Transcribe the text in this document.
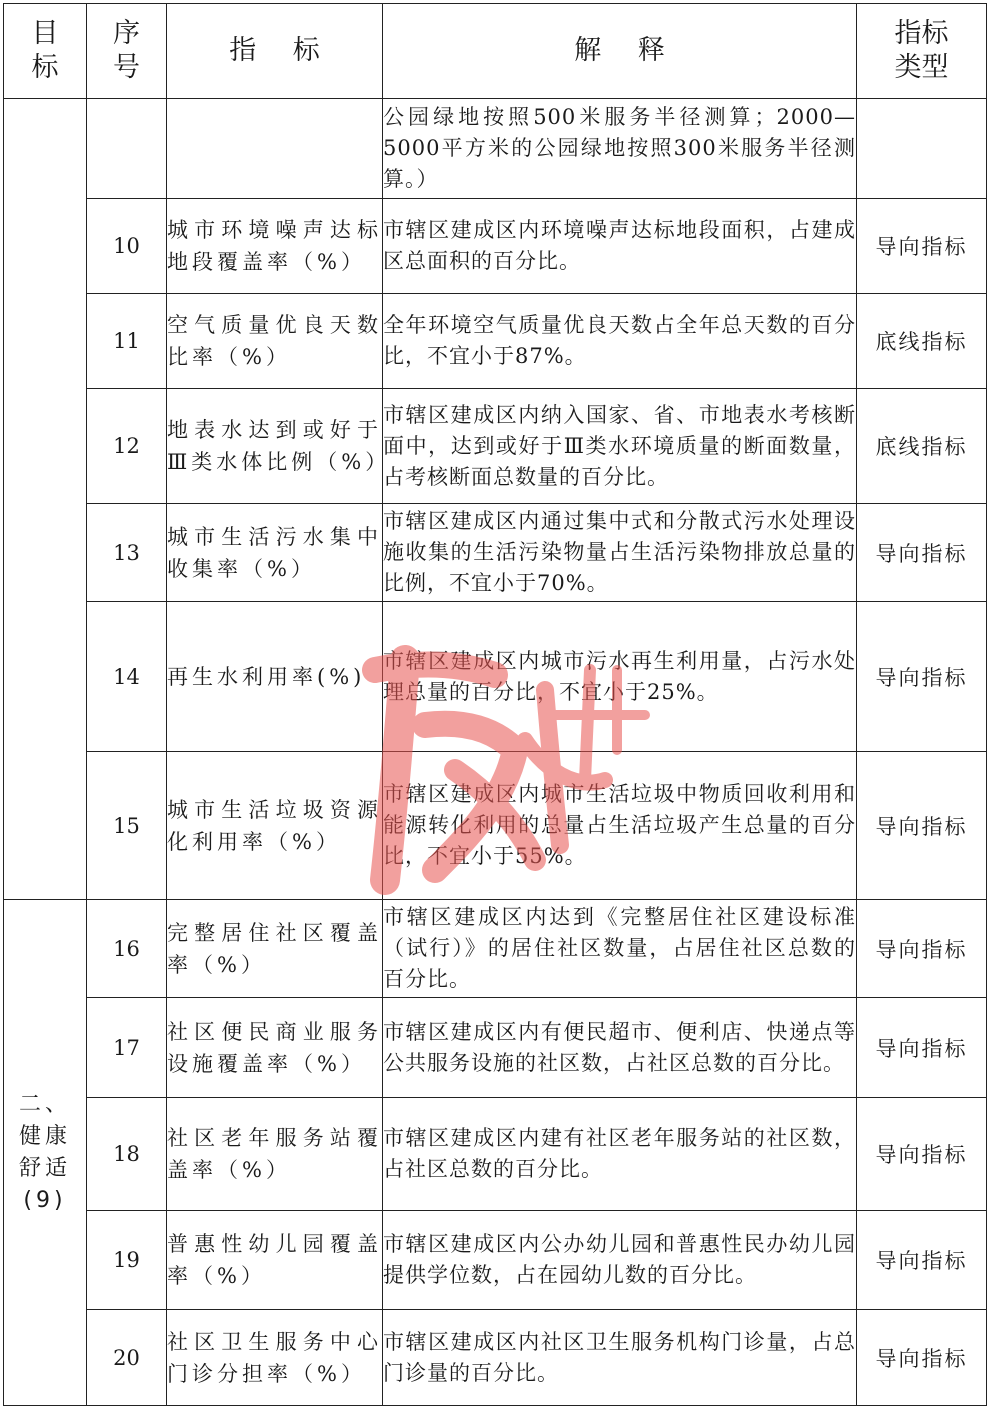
目标	序号	指 标	解 释	指标类型

			公园绿地按照500米服务半径测算；2000—5000平方米的公园绿地按照300米服务半径测算。）	
	10	城市环境噪声达标地段覆盖率（%）	市辖区建成区内环境噪声达标地段面积，占建成区总面积的百分比。	导向指标
	11	空气质量优良天数比率（%）	全年环境空气质量优良天数占全年总天数的百分比，不宜小于87%。	底线指标
	12	地表水达到或好于Ⅲ类水体比例（%）	市辖区建成区内纳入国家、省、市地表水考核断面中，达到或好于Ⅲ类水环境质量的断面数量，占考核断面总数量的百分比。	底线指标
	13	城市生活污水集中收集率（%）	市辖区建成区内通过集中式和分散式污水处理设施收集的生活污染物量占生活污染物排放总量的比例，不宜小于70%。	导向指标
	14	再生水利用率(%)	市辖区建成区内城市污水再生利用量，占污水处理总量的百分比，不宜小于25%。	导向指标
	15	城市生活垃圾资源化利用率（%）	市辖区建成区内城市生活垃圾中物质回收利用和能源转化利用的总量占生活垃圾产生总量的百分比，不宜小于55%。	导向指标
二、健康舒适(9)	16	完整居住社区覆盖率（%）	市辖区建成区内达到《完整居住社区建设标准（试行）》的居住社区数量，占居住社区总数的百分比。	导向指标
	17	社区便民商业服务设施覆盖率（%）	市辖区建成区内有便民超市、便利店、快递点等公共服务设施的社区数，占社区总数的百分比。	导向指标
	18	社区老年服务站覆盖率（%）	市辖区建成区内建有社区老年服务站的社区数，占社区总数的百分比。	导向指标
	19	普惠性幼儿园覆盖率（%）	市辖区建成区内公办幼儿园和普惠性民办幼儿园提供学位数，占在园幼儿数的百分比。	导向指标
	20	社区卫生服务中心门诊分担率（%）	市辖区建成区内社区卫生服务机构门诊量，占总门诊量的百分比。	导向指标
